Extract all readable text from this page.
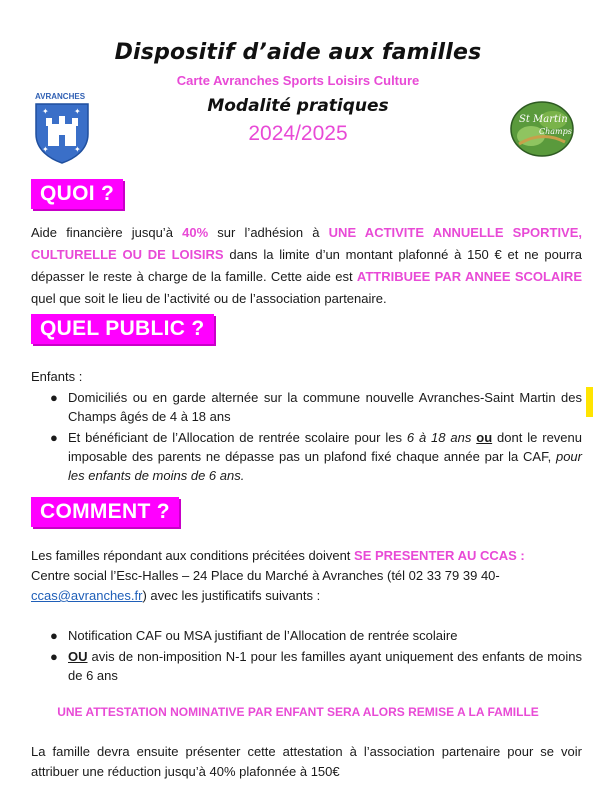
Dispositif d’aide aux familles
Carte Avranches Sports Loisirs Culture
Modalité pratiques
2024/2025
AVRANCHES
✦	✦
✦	✦
St Martin
Champs
QUOI ?
Aide financière jusqu’à 40% sur l’adhésion à UNE ACTIVITE ANNUELLE SPORTIVE, CULTURELLE OU DE LOISIRS dans la limite d’un montant plafonné à 150 € et ne pourra dépasser le reste à charge de la famille. Cette aide est ATTRIBUEE PAR ANNEE SCOLAIRE quel que soit le lieu de l’activité ou de l’association partenaire.
QUEL PUBLIC ?
Enfants :
● Domiciliés ou en garde alternée sur la commune nouvelle Avranches-Saint Martin des Champs âgés de 4 à 18 ans
● Et bénéficiant de l’Allocation de rentrée scolaire pour les 6 à 18 ans ou dont le revenu imposable des parents ne dépasse pas un plafond fixé chaque année par la CAF, pour les enfants de moins de 6 ans.
COMMENT ?
Les familles répondant aux conditions précitées doivent SE PRESENTER AU CCAS :
Centre social l’Esc-Halles – 24 Place du Marché à Avranches (tél 02 33 79 39 40-
ccas@avranches.fr) avec les justificatifs suivants :
● Notification CAF ou MSA justifiant de l’Allocation de rentrée scolaire
● OU avis de non-imposition N-1 pour les familles ayant uniquement des enfants de moins de 6 ans
UNE ATTESTATION NOMINATIVE PAR ENFANT SERA ALORS REMISE A LA FAMILLE
La famille devra ensuite présenter cette attestation à l’association partenaire pour se voir attribuer une réduction jusqu’à 40% plafonnée à 150€
